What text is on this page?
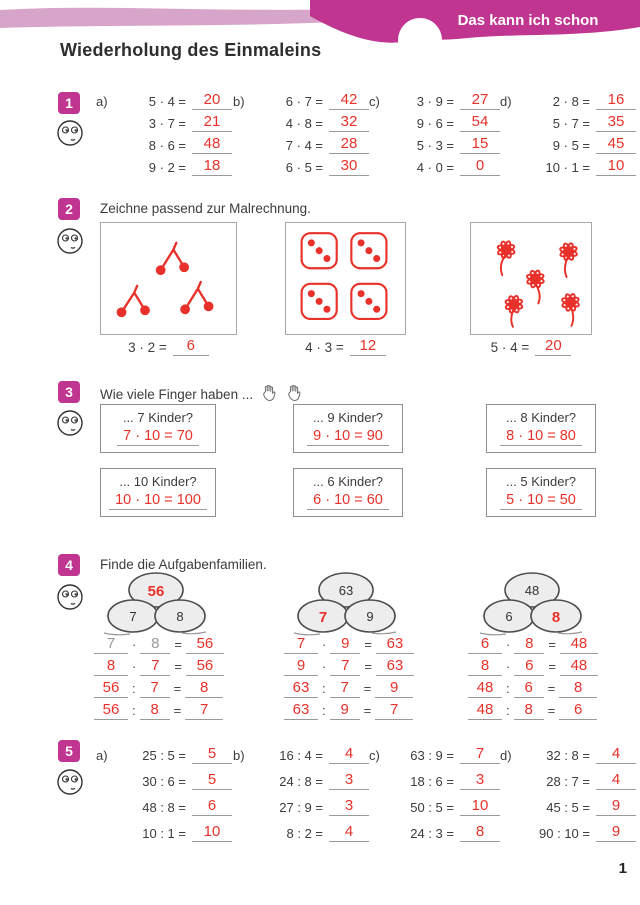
Das kann ich schon
Wiederholung des Einmaleins
1	a)	5 · 4 =	20
3 · 7 =	21
8 · 6 =	48
9 · 2 =	18
b)	6 · 7 =	42
4 · 8 =	32
7 · 4 =	28
6 · 5 =	30
c)	3 · 9 =	27
9 · 6 =	54
5 · 3 =	15
4 · 0 =	0
d)	2 · 8 =	16
5 · 7 =	35
9 · 5 =	45
10 · 1 =	10
2	Zeichne passend zur Malrechnung.
3 · 2 =	6	4 · 3 =	12	5 · 4 =	20
3	Wie viele Finger haben ...
... 7 Kinder?
7 · 10 = 70
... 9 Kinder?
9 · 10 = 90
... 8 Kinder?
8 · 10 = 80
... 10 Kinder?
10 · 10 = 100
... 6 Kinder?
6 · 10 = 60
... 5 Kinder?
5 · 10 = 50
4	Finde die Aufgabenfamilien.
56
7	8
63
7	9
48
6	8
7	· 8	= 56
8	· 7	= 56
56 : 7	=	8
56 : 8	=	7
7	· 9	= 63
9	· 7	= 63
63 : 7	=	9
63 : 9	=	7
6	· 8	= 48
8	· 6	= 48
48 : 6	=	8
48 : 8	=	6
5	a)	25 : 5 =	5
30 : 6 =	5
48 : 8 =	6
10 : 1 =	10
b)	16 : 4 =	4
24 : 8 =	3
27 : 9 =	3
8 : 2 =	4
c)	63 : 9 =	7
18 : 6 =	3
50 : 5 =	10
24 : 3 =	8
d)	32 : 8 =	4
28 : 7 =	4
45 : 5 =	9
90 : 10 =	9
1
